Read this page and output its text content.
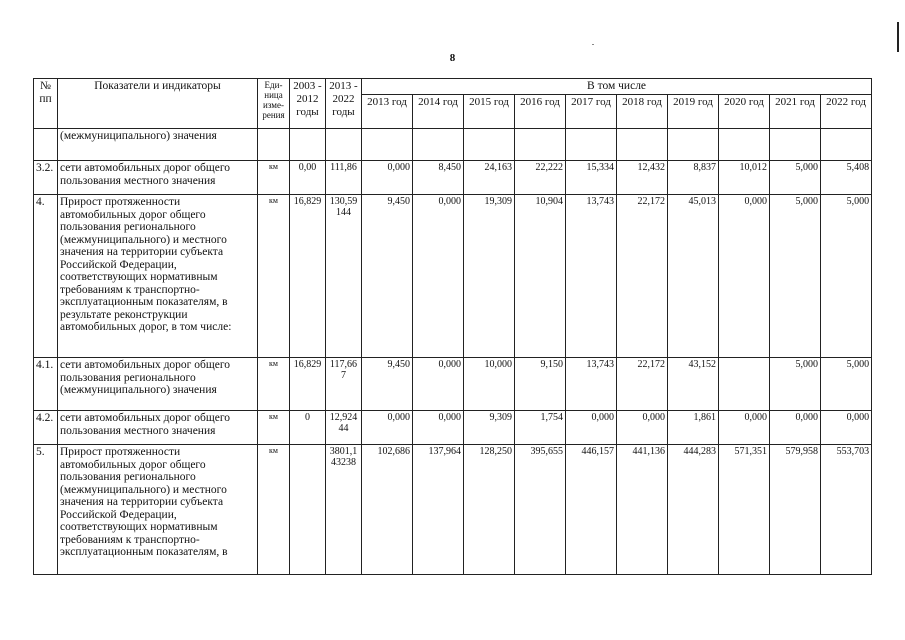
8
№ пп	Показатели и индикаторы	Еди-ница изме-рения	2003 - 2012 годы	2013 - 2022 годы	В том числе									
					2013 год	2014 год	2015 год	2016 год	2017 год	2018 год	2019 год	2020 год	2021 год	2022 год
	(межмуниципального) значения													
3.2.	сети автомобильных дорог общего пользования местного значения	км	0,00	111,86	0,000	8,450	24,163	22,222	15,334	12,432	8,837	10,012	5,000	5,408
4.	Прирост протяженности автомобильных дорог общего пользования регионального (межмуниципального) и местного значения на территории субъекта Российской Федерации, соответствующих нормативным требованиям к транспортно-эксплуатационным показателям, в результате реконструкции автомобильных дорог, в том числе:	км	16,829	130,59 144	9,450	0,000	19,309	10,904	13,743	22,172	45,013	0,000	5,000	5,000
4.1.	сети автомобильных дорог общего пользования регионального (межмуниципального) значения	км	16,829	117,66 7	9,450	0,000	10,000	9,150	13,743	22,172	43,152		5,000	5,000
4.2.	сети автомобильных дорог общего пользования местного значения	км	0	12,924 44	0,000	0,000	9,309	1,754	0,000	0,000	1,861	0,000	0,000	0,000
5.	Прирост протяженности автомобильных дорог общего пользования регионального (межмуниципального) и местного значения на территории субъекта Российской Федерации, соответствующих нормативным требованиям к транспортно-эксплуатационным показателям, в	км		3801,1 43238	102,686	137,964	128,250	395,655	446,157	441,136	444,283	571,351	579,958	553,703
